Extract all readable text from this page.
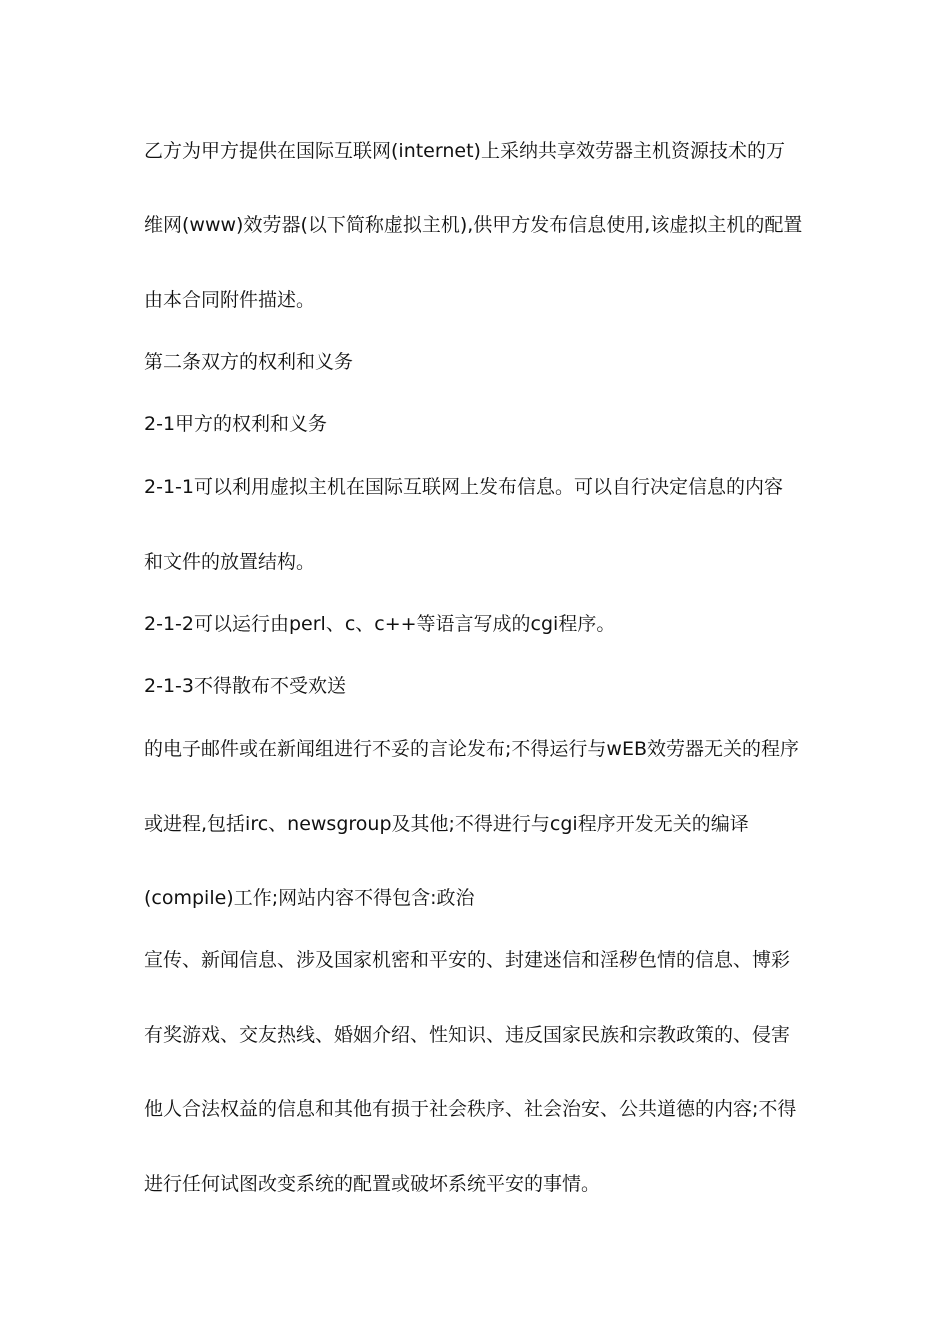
乙方为甲方提供在国际互联网(internet)上采纳共享效劳器主机资源技术的万
维网(www)效劳器(以下简称虚拟主机),供甲方发布信息使用,该虚拟主机的配置
由本合同附件描述。
第二条双方的权利和义务
2-1甲方的权利和义务
2-1-1可以利用虚拟主机在国际互联网上发布信息。可以自行决定信息的内容
和文件的放置结构。
2-1-2可以运行由perl、c、c++等语言写成的cgi程序。
2-1-3不得散布不受欢送
的电子邮件或在新闻组进行不妥的言论发布;不得运行与wEB效劳器无关的程序
或进程,包括irc、newsgroup及其他;不得进行与cgi程序开发无关的编译
(compile)工作;网站内容不得包含:政治
宣传、新闻信息、涉及国家机密和平安的、封建迷信和淫秽色情的信息、博彩
有奖游戏、交友热线、婚姻介绍、性知识、违反国家民族和宗教政策的、侵害
他人合法权益的信息和其他有损于社会秩序、社会治安、公共道德的内容;不得
进行任何试图改变系统的配置或破坏系统平安的事情。
